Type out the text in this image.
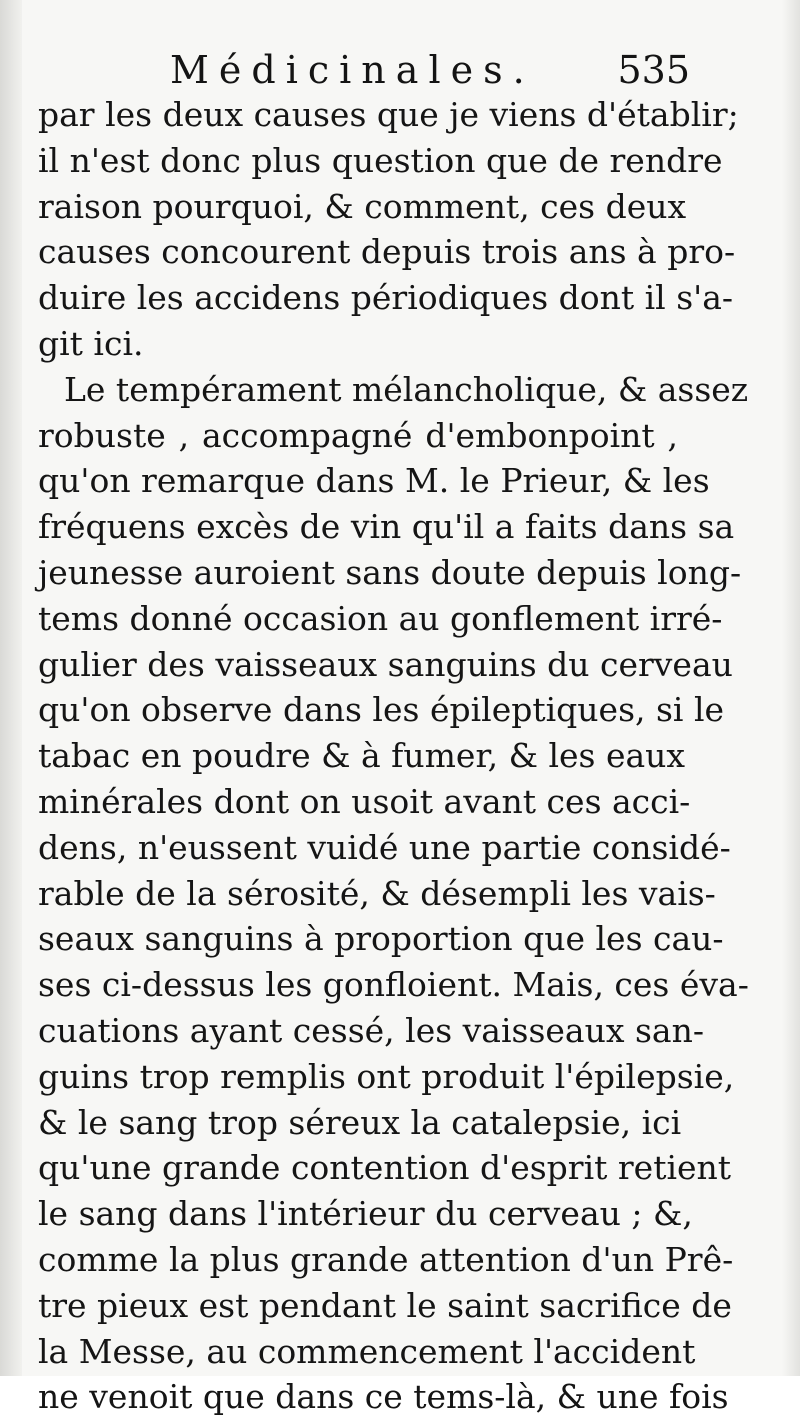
Médicinales. 535
par les deux causes que je viens d'établir;
il n'est donc plus question que de rendre
raison pourquoi, & comment, ces deux
causes concourent depuis trois ans à pro-
duire les accidens périodiques dont il s'a-
git ici.
Le tempérament mélancholique, & assez
robuste , accompagné d'embonpoint ,
qu'on remarque dans M. le Prieur, & les
fréquens excès de vin qu'il a faits dans sa
jeunesse auroient sans doute depuis long-
tems donné occasion au gonflement irré-
gulier des vaisseaux sanguins du cerveau
qu'on observe dans les épileptiques, si le
tabac en poudre & à fumer, & les eaux
minérales dont on usoit avant ces acci-
dens, n'eussent vuidé une partie considé-
rable de la sérosité, & désempli les vais-
seaux sanguins à proportion que les cau-
ses ci-dessus les gonfloient. Mais, ces éva-
cuations ayant cessé, les vaisseaux san-
guins trop remplis ont produit l'épilepsie,
& le sang trop séreux la catalepsie, ici
qu'une grande contention d'esprit retient
le sang dans l'intérieur du cerveau ; &,
comme la plus grande attention d'un Prê-
tre pieux est pendant le saint sacrifice de
la Messe, au commencement l'accident
ne venoit que dans ce tems-là, & une fois
